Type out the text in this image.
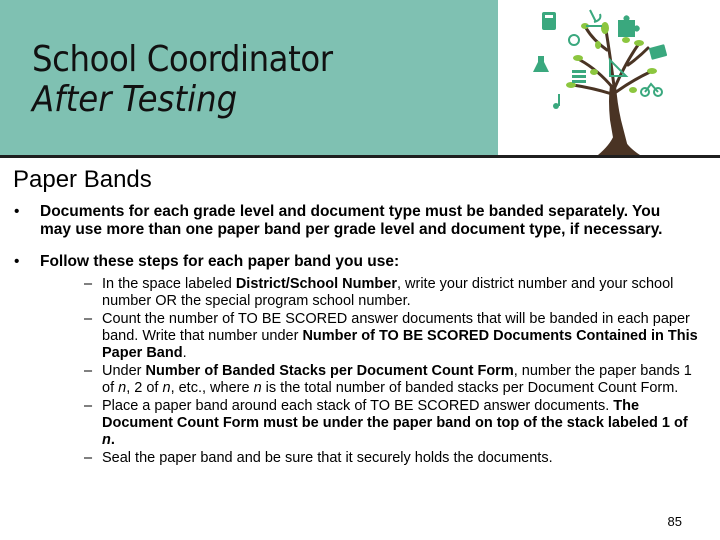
School Coordinator
After Testing
Paper Bands
• Documents for each grade level and document type must be banded separately. You may use more than one paper band per grade level and document type, if necessary.
• Follow these steps for each paper band you use:
– In the space labeled District/School Number, write your district number and your school number OR the special program school number.
– Count the number of TO BE SCORED answer documents that will be banded in each paper band. Write that number under Number of TO BE SCORED Documents Contained in This Paper Band.
– Under Number of Banded Stacks per Document Count Form, number the paper bands 1 of n, 2 of n, etc., where n is the total number of banded stacks per Document Count Form.
– Place a paper band around each stack of TO BE SCORED answer documents. The Document Count Form must be under the paper band on top of the stack labeled 1 of n.
– Seal the paper band and be sure that it securely holds the documents.
85
